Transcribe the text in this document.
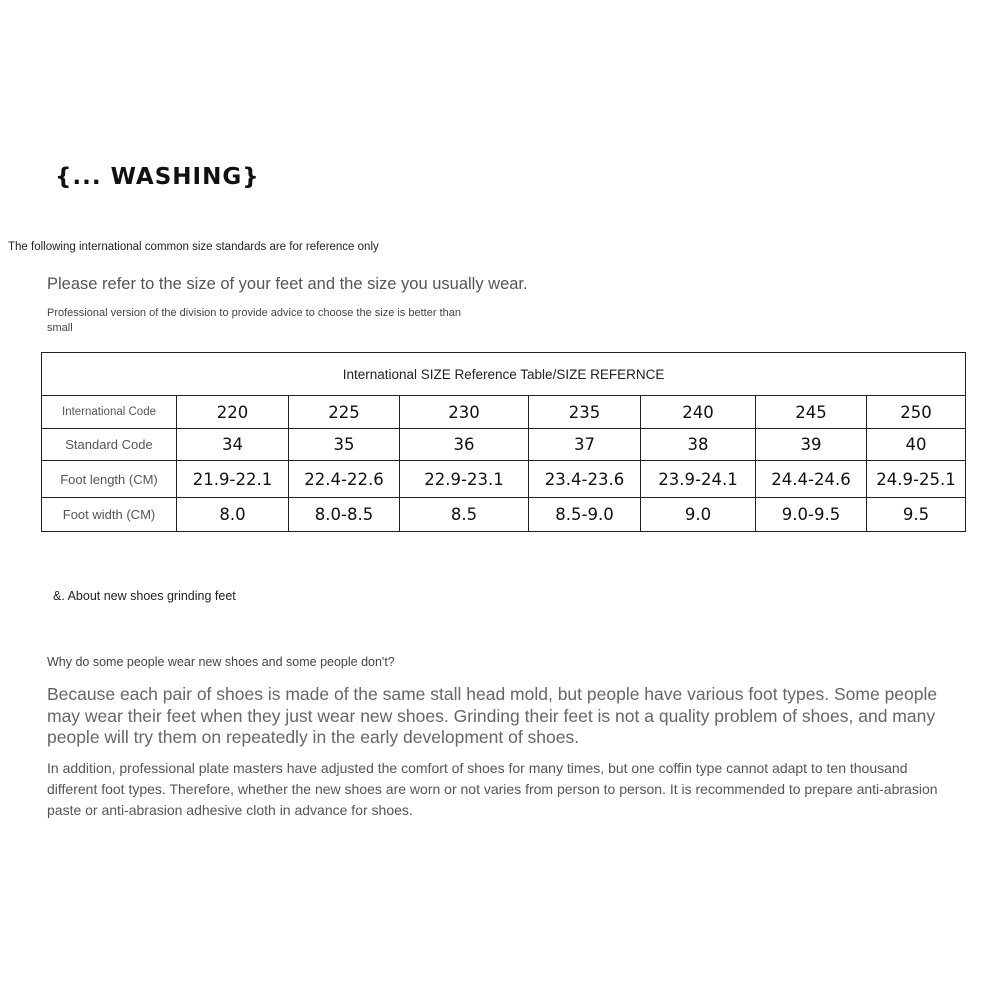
{... WASHING}
The following international common size standards are for reference only
Please refer to the size of your feet and the size you usually wear.
Professional version of the division to provide advice to choose the size is better than small
International SIZE Reference Table/SIZE REFERNCE							
International Code	220	225	230	235	240	245	250
Standard Code	34	35	36	37	38	39	40
Foot length (CM)	21.9-22.1	22.4-22.6	22.9-23.1	23.4-23.6	23.9-24.1	24.4-24.6	24.9-25.1
Foot width (CM)	8.0	8.0-8.5	8.5	8.5-9.0	9.0	9.0-9.5	9.5
&. About new shoes grinding feet
Why do some people wear new shoes and some people don't?
Because each pair of shoes is made of the same stall head mold, but people have various foot types. Some people may wear their feet when they just wear new shoes. Grinding their feet is not a quality problem of shoes, and many people will try them on repeatedly in the early development of shoes.
In addition, professional plate masters have adjusted the comfort of shoes for many times, but one coffin type cannot adapt to ten thousand different foot types. Therefore, whether the new shoes are worn or not varies from person to person. It is recommended to prepare anti-abrasion paste or anti-abrasion adhesive cloth in advance for shoes.
